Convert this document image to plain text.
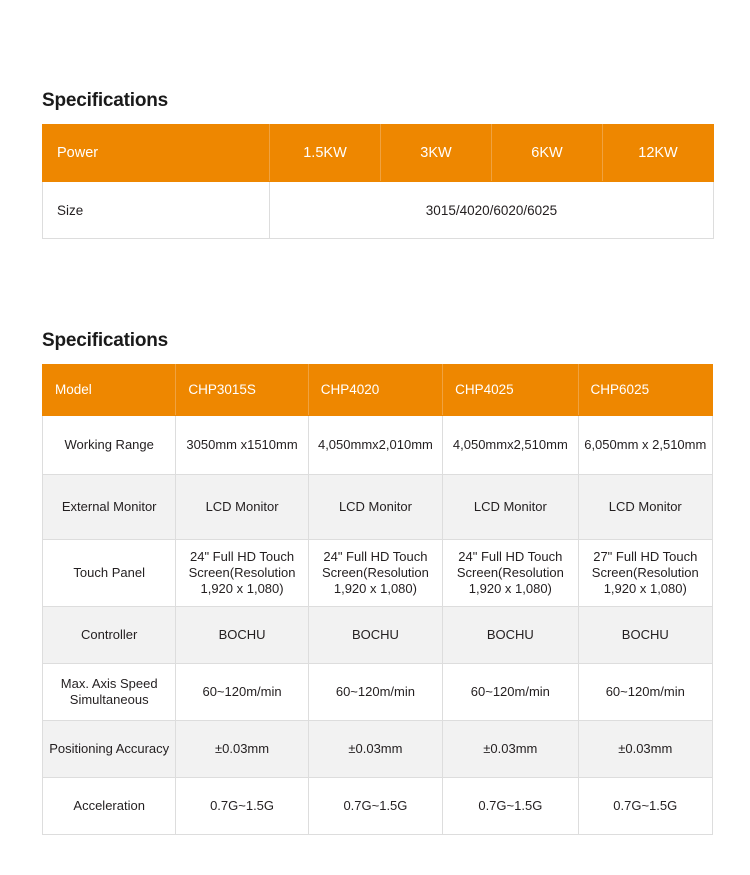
Specifications
Power	1.5KW	3KW	6KW	12KW
Size	3015/4020/6020/6025			
Specifications
Model	CHP3015S	CHP4020	CHP4025	CHP6025
Working Range	3050mm x1510mm	4,050mmx2,010mm	4,050mmx2,510mm	6,050mm x 2,510mm
External Monitor	LCD Monitor	LCD Monitor	LCD Monitor	LCD Monitor
Touch Panel	24" Full HD Touch Screen(Resolution 1,920 x 1,080)	24" Full HD Touch Screen(Resolution 1,920 x 1,080)	24" Full HD Touch Screen(Resolution 1,920 x 1,080)	27" Full HD Touch Screen(Resolution 1,920 x 1,080)
Controller	BOCHU	BOCHU	BOCHU	BOCHU
Max. Axis Speed Simultaneous	60~120m/min	60~120m/min	60~120m/min	60~120m/min
Positioning Accuracy	±0.03mm	±0.03mm	±0.03mm	±0.03mm
Acceleration	0.7G~1.5G	0.7G~1.5G	0.7G~1.5G	0.7G~1.5G
